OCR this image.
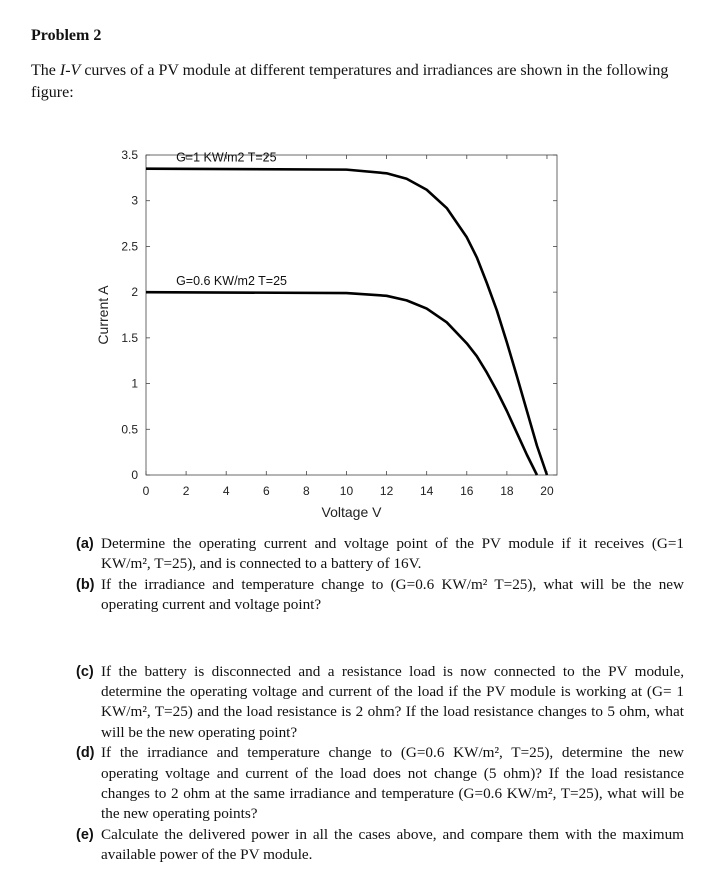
Problem 2
The I-V curves of a PV module at different temperatures and irradiances are shown in the following figure:
0	2	4	6	8	10 12 14 16 18 20
0
0.5
1
1.5
2
2.5
3
3.5
Voltage V
Current A
G=1 KW/m2 T=25
G=0.6 KW/m2 T=25
(a) Determine the operating current and voltage point of the PV module if it receives (G=1 KW/m², T=25), and is connected to a battery of 16V.
(b) If the irradiance and temperature change to (G=0.6 KW/m² T=25), what will be the new operating current and voltage point?
(c) If the battery is disconnected and a resistance load is now connected to the PV module, determine the operating voltage and current of the load if the PV module is working at (G= 1 KW/m², T=25) and the load resistance is 2 ohm? If the load resistance changes to 5 ohm, what will be the new operating point?
(d) If the irradiance and temperature change to (G=0.6 KW/m², T=25), determine the new operating voltage and current of the load does not change (5 ohm)? If the load resistance changes to 2 ohm at the same irradiance and temperature (G=0.6 KW/m², T=25), what will be the new operating points?
(e) Calculate the delivered power in all the cases above, and compare them with the maximum available power of the PV module.
